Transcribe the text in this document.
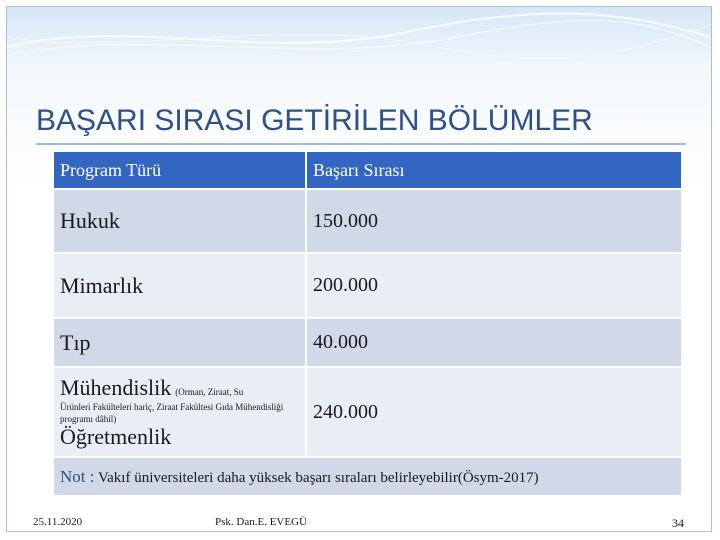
BAŞARI SIRASI GETİRİLEN BÖLÜMLER
Program Türü	Başarı Sırası
Hukuk	150.000
Mimarlık	200.000
Tıp	40.000

Mühendislik (Orman, Ziraat, Su
Ürünleri Fakülteleri hariç, Ziraat Fakültesi Gıda Mühendisliği programı dâhil)
Öğretmenlik	240.000
Not : Vakıf üniversiteleri daha yüksek başarı sıraları belirleyebilir(Ösym-2017)	
25.11.2020	Psk. Dan.E. EVEGÜ	34
